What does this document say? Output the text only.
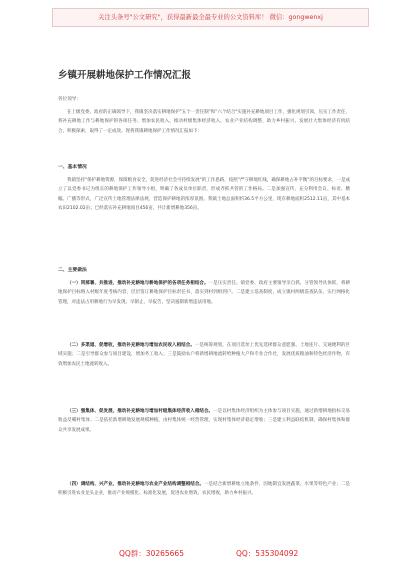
关注头条号"公文研究"，获得最新最全最专业的公文资料库！ 微信：gongwenxj
乡镇开展耕地保护工作情况汇报
各位领导：
在上级党委、政府的正确领导下，我镇坚决落实耕地保护"五个一责任制"和"六个结合"实施补充耕地项目工作，强化规划引领，压实工作责任，将补充耕地工作与耕地保护的各项任务、增加农民收入、推动村级集体经济收入、农业产业结构调整、助力乡村振兴、发展壮大集体经济有机结合，积极探索，取得了一定成效。现将我镇耕地保护工作情况汇报如下：
一、基本情况
我镇坚持"保护耕地资源，保障粮食安全，促进经济社会可持续发展"的工作思路，按照"严守耕地红线，确保耕地占补平衡"的目标要求，一是成立了以党委书记为组长的耕地保护工作领导小组，明确了各成员单位职责，形成齐抓共管的工作格局。二是加强宣传，充分利用会议、标语、横幅、广播等形式，广泛宣传土地管理法律法规，营造保护耕地的浓厚氛围。我镇土地总面积约36.5平方公里，现有耕地面积2512.11亩，其中基本农田2102.02亩；已经落实补充耕地项目456亩，共计新增耕地356亩。
二、主要做法
（一）同部署、共推进，推动补充耕地与耕地保护的各项任务相结合。一是压实责任。镇党委、政府主要领导亲自抓，分管领导具体抓，将耕地保护目标纳入村级年度考核内容，层层签订耕地保护目标责任书，落实到村到组到户。二是建立巡查制度，成立镇村两级巡查队伍，实行网格化管理，对违法占用耕地行为早发现、早制止、早报告，坚决遏制新增违法用地。
（二）多渠道、促增收，推动补充耕地与增加农民收入相结合。一是统筹规划，在项目选址上优先选择群众意愿强、土地连片、交通便利的区域实施；二是引导群众参与项目建设，增加务工收入；三是鼓励农户将新增耕地流转给种植大户和专业合作社，发展优质粮油和特色经济作物，有效增加农民土地流转收入。
（三）强集体、促发展，推动补充耕地与增加村级集体经济收入相结合。一是以村集体经济组织为主体参与项目实施，通过新增耕地指标交易收益反哺村集体；二是依托新增耕地发展规模种植，由村集体统一经营管理，实现村集体经济稳定增收；三是建立利益联结机制，确保村集体和群众共享发展成果。
（四）调结构、兴产业，推动补充耕地与农业产业结构调整相结合。一是结合新增耕地立地条件，因地制宜发展蔬菜、水果等特色产业；二是积极引进农业龙头企业，推动产业规模化、标准化发展，促进农业增效、农民增收，助力乡村振兴。
QQ群：30265665	QQ：535304092
